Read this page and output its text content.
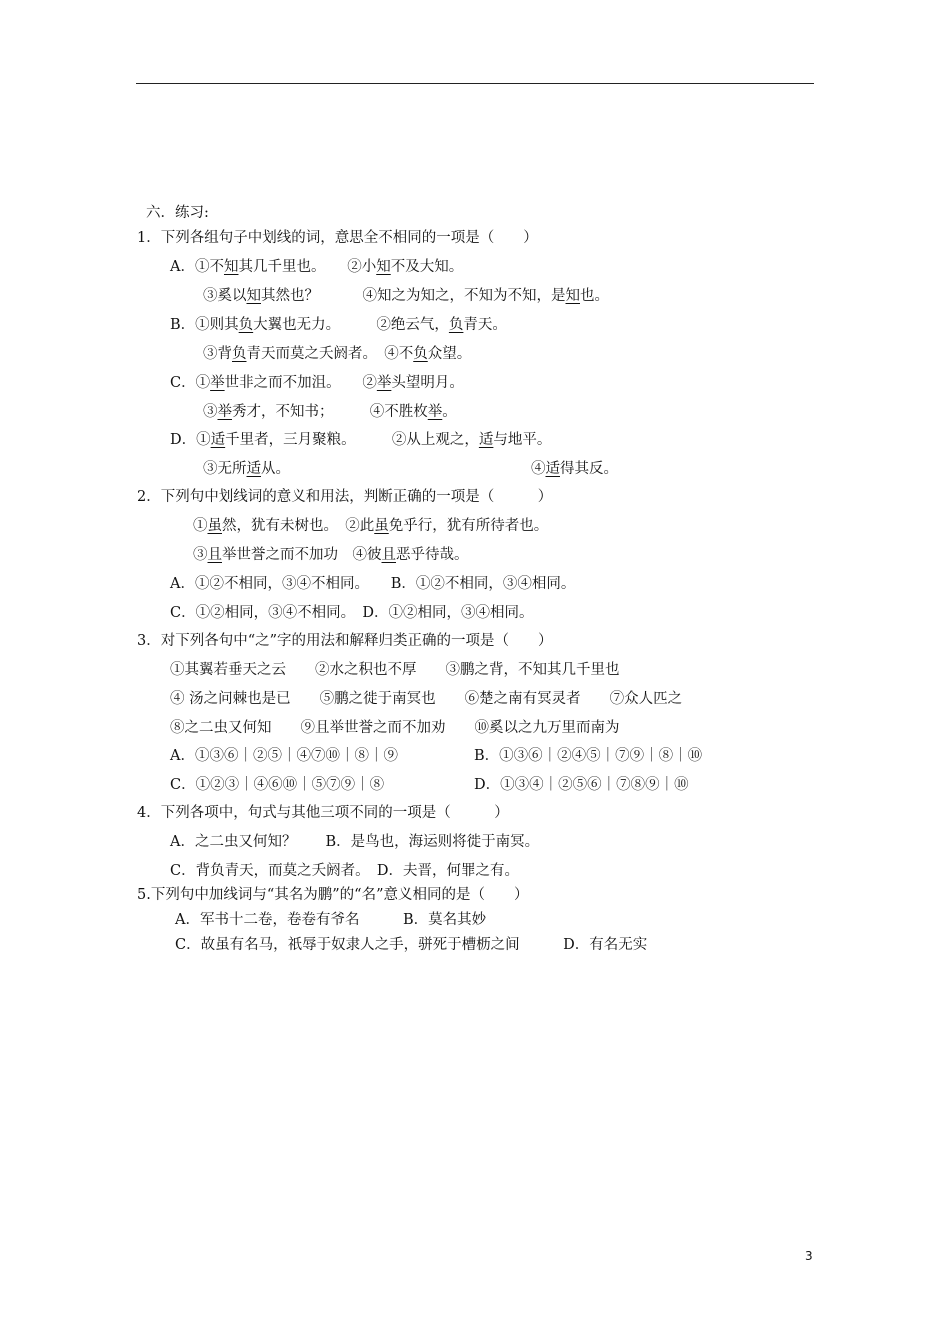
六．练习:
1．下列各组句子中划线的词，意思全不相同的一项是（　　）
A．①不知其几千里也。　　②小知不及大知。
③奚以知其然也？　　　④知之为知之，不知为不知，是知也。
B．①则其负大翼也无力。　　　②绝云气，负青天。
③背负青天而莫之夭阏者。　④不负众望。
C．①举世非之而不加沮。　　②举头望明月。
③举秀才，不知书；　　　④不胜枚举。
D．①适千里者，三月聚粮。　　　②从上观之，适与地平。
③无所适从。	④适得其反。
2．下列句中划线词的意义和用法，判断正确的一项是（　　　）
①虽然，犹有未树也。　②此虽免乎行，犹有所待者也。
③且举世誉之而不加功　④彼且恶乎待哉。
A．①②不相同，③④不相同。　　B．①②不相同，③④相同。
C．①②相同，③④不相同。　D．①②相同，③④相同。
3．对下列各句中“之”字的用法和解释归类正确的一项是（　　）
①其翼若垂天之云　　②水之积也不厚　　③鹏之背，不知其几千里也
④ 汤之问棘也是已　　⑤鹏之徙于南冥也　　⑥楚之南有冥灵者　　⑦众人匹之
⑧之二虫又何知　　⑨且举世誉之而不加劝　　⑩奚以之九万里而南为
A．①③⑥｜②⑤｜④⑦⑩｜⑧｜⑨	B．①③⑥｜②④⑤｜⑦⑨｜⑧｜⑩
C．①②③｜④⑥⑩｜⑤⑦⑨｜⑧	D．①③④｜②⑤⑥｜⑦⑧⑨｜⑩
4．下列各项中，句式与其他三项不同的一项是（　　　）
A．之二虫又何知？　　B．是鸟也，海运则将徙于南冥。
C．背负青天，而莫之夭阏者。　D．夫晋，何罪之有。
5.下列句中加线词与“其名为鹏”的“名”意义相同的是（　　）
A．军书十二卷，卷卷有爷名　　　B．莫名其妙
C．故虽有名马，祇辱于奴隶人之手，骈死于槽枥之间　　　D．有名无实
3
